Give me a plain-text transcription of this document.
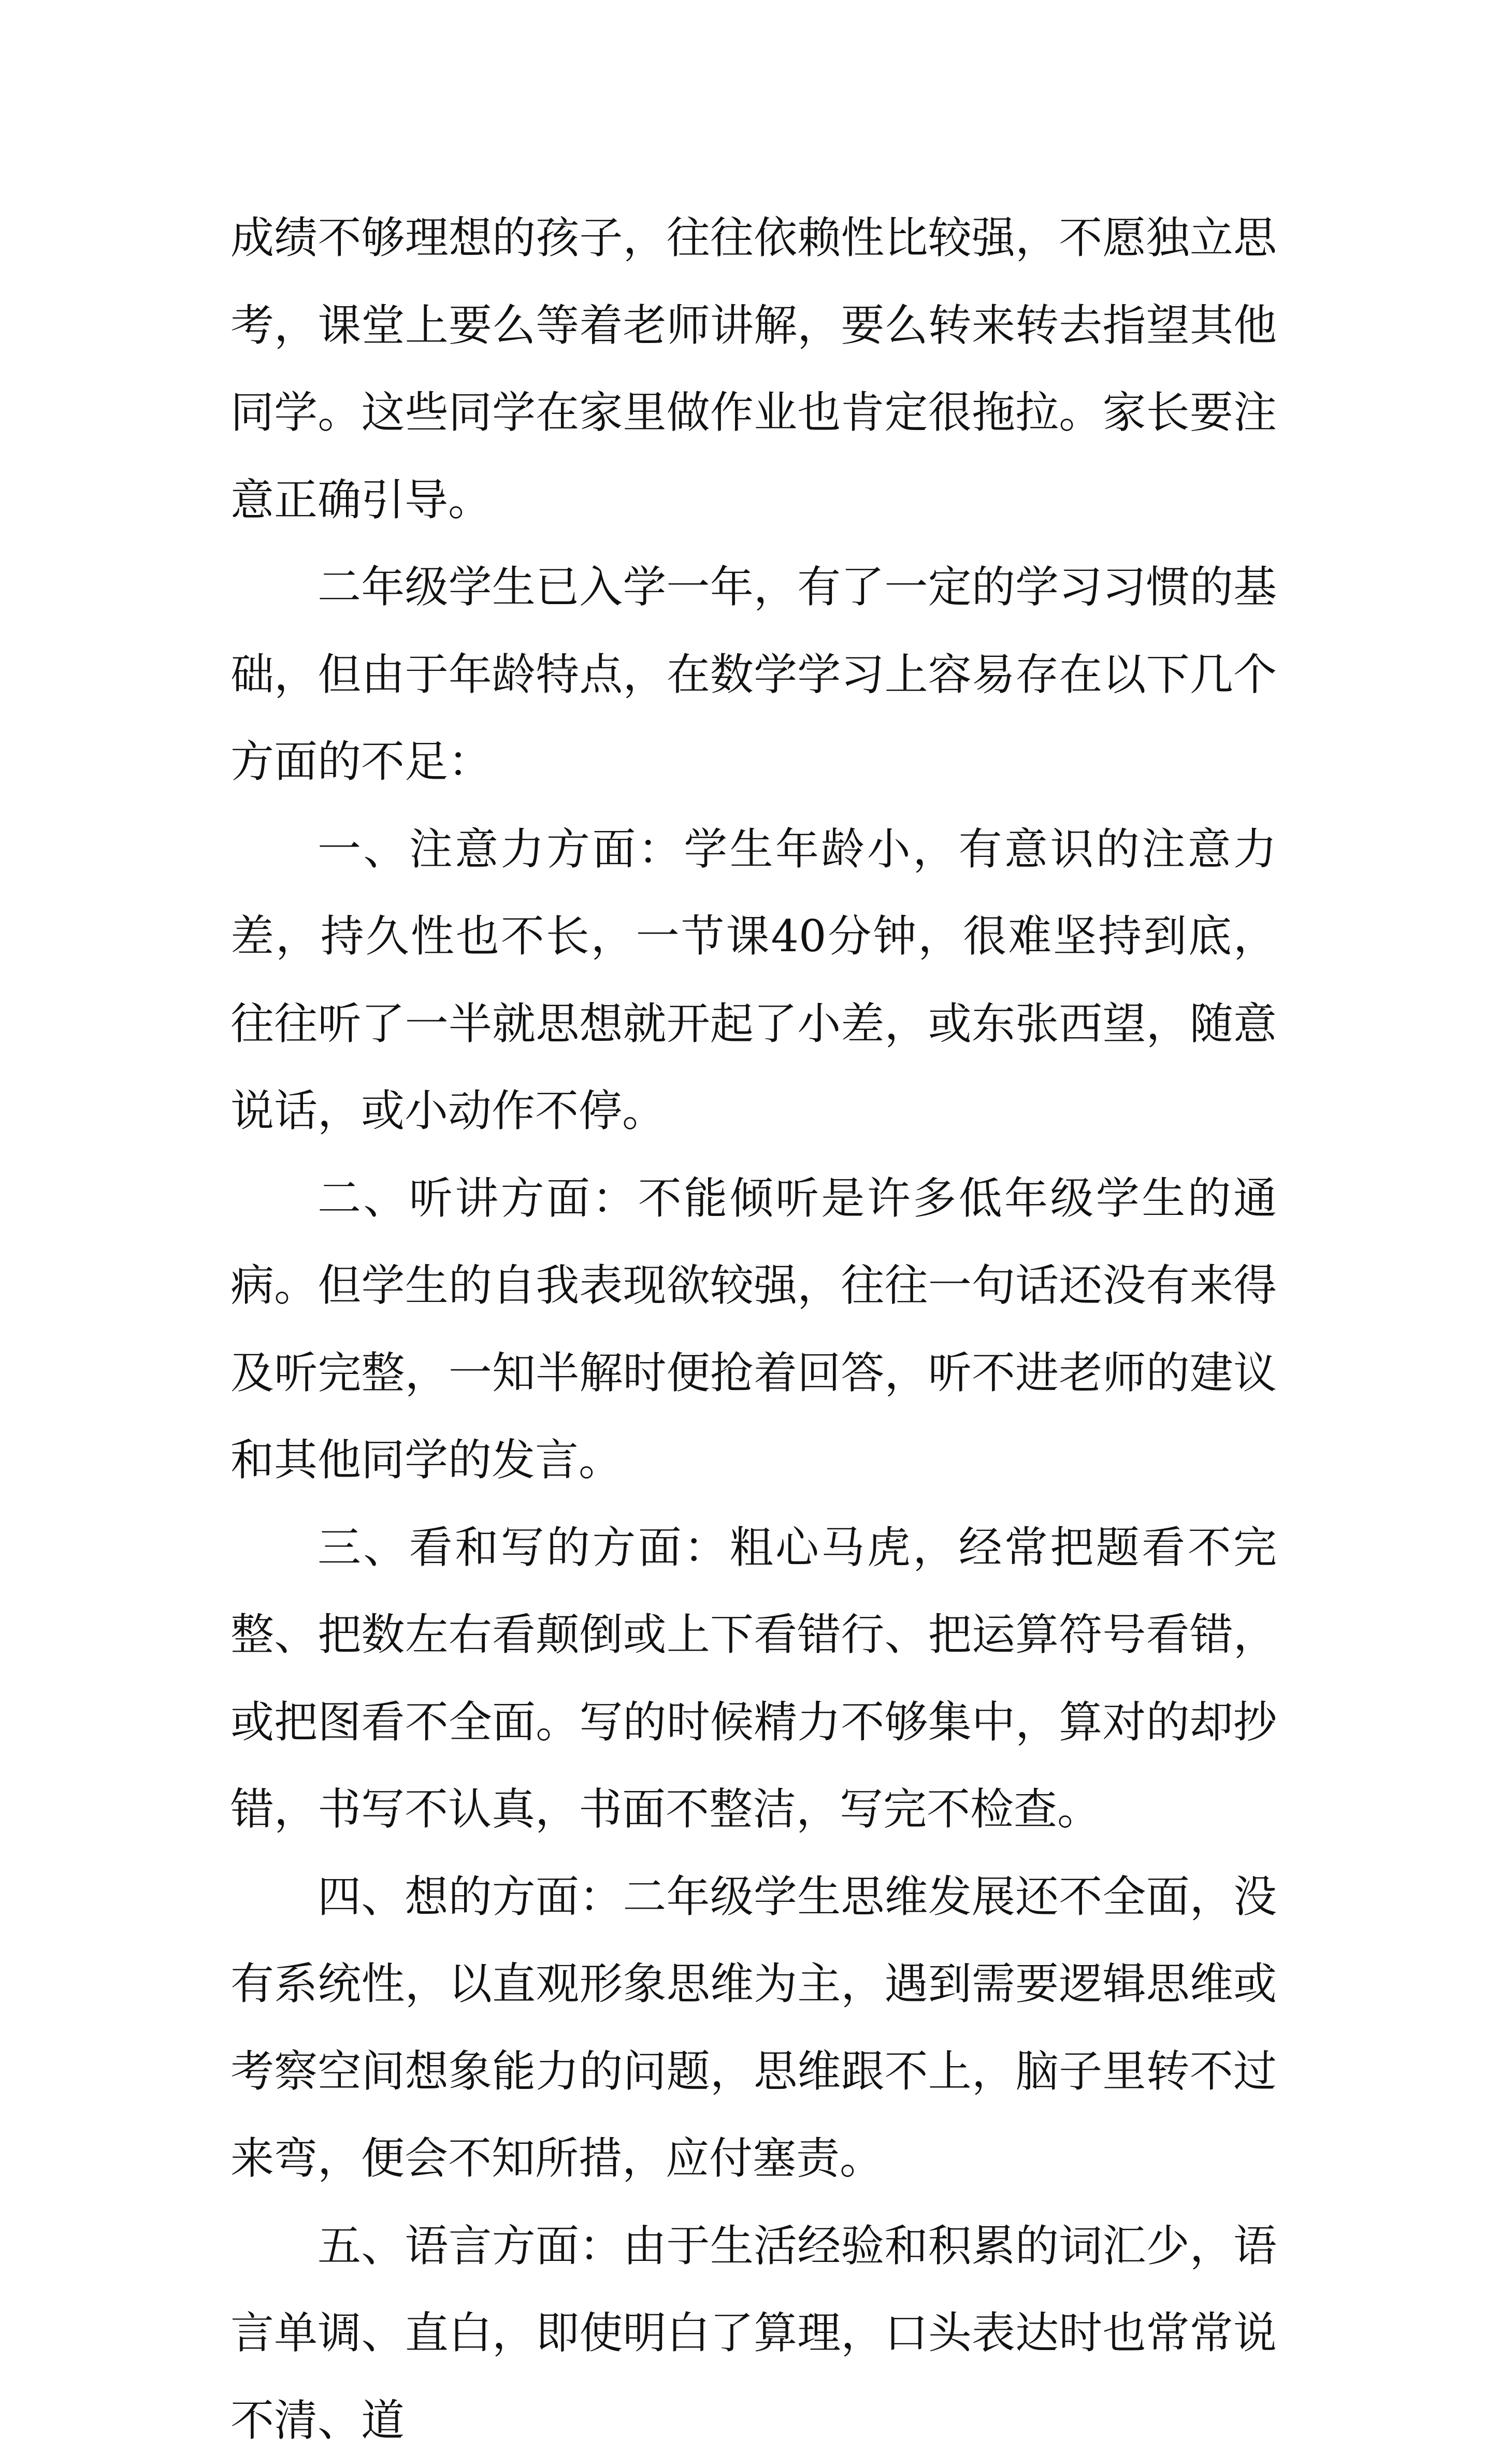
成绩不够理想的孩子，往往依赖性比较强，不愿独立思考，课堂上要么等着老师讲解，要么转来转去指望其他同学。这些同学在家里做作业也肯定很拖拉。家长要注意正确引导。

二年级学生已入学一年，有了一定的学习习惯的基础，但由于年龄特点，在数学学习上容易存在以下几个方面的不足：

一、注意力方面：学生年龄小，有意识的注意力差，持久性也不长，一节课40分钟，很难坚持到底，往往听了一半就思想就开起了小差，或东张西望，随意说话，或小动作不停。

二、听讲方面：不能倾听是许多低年级学生的通病。但学生的自我表现欲较强，往往一句话还没有来得及听完整，一知半解时便抢着回答，听不进老师的建议和其他同学的发言。

三、看和写的方面：粗心马虎，经常把题看不完整、把数左右看颠倒或上下看错行、把运算符号看错，或把图看不全面。写的时候精力不够集中，算对的却抄错，书写不认真，书面不整洁，写完不检查。

四、想的方面：二年级学生思维发展还不全面，没有系统性，以直观形象思维为主，遇到需要逻辑思维或考察空间想象能力的问题，思维跟不上，脑子里转不过来弯，便会不知所措，应付塞责。

五、语言方面：由于生活经验和积累的词汇少，语言单调、直白，即使明白了算理，口头表达时也常常说不清、道
